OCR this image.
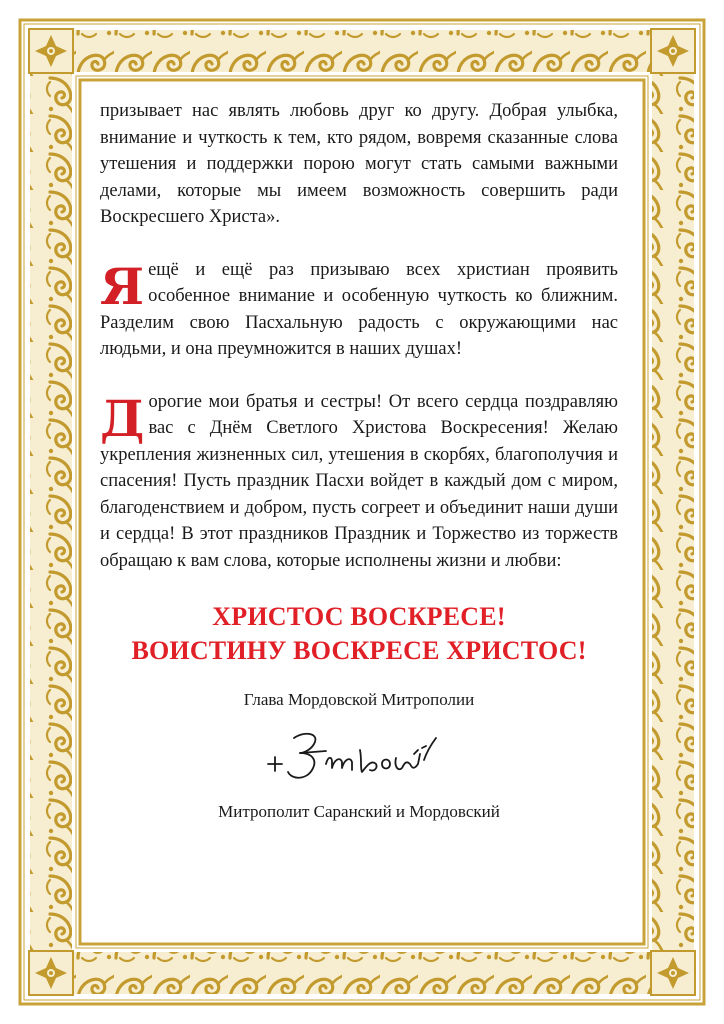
призывает нас являть любовь друг ко другу. Добрая улыбка, внимание и чуткость к тем, кто рядом, вовремя сказанные слова утешения и поддержки порою могут стать самыми важными делами, которые мы имеем возможность совершить ради Воскресшего Христа».

Яещё и ещё раз призываю всех христиан проявить особенное внимание и особенную чуткость ко ближним. Разделим свою Пасхальную радость с окружающими нас людьми, и она преумножится в наших душах!

Дорогие мои братья и сестры! От всего сердца поздравляю вас с Днём Светлого Христова Воскресения! Желаю укрепления жизненных сил, утешения в скорбях, благополучия и спасения! Пусть праздник Пасхи войдет в каждый дом с миром, благоденствием и добром, пусть согреет и объединит наши души и сердца! В этот праздников Праздник и Торжество из торжеств обращаю к вам слова, которые исполнены жизни и любви:

ХРИСТОС ВОСКРЕСЕ!
ВОИСТИНУ ВОСКРЕСЕ ХРИСТОС!
Глава Мордовской Митрополии
Митрополит Саранский и Мордовский
